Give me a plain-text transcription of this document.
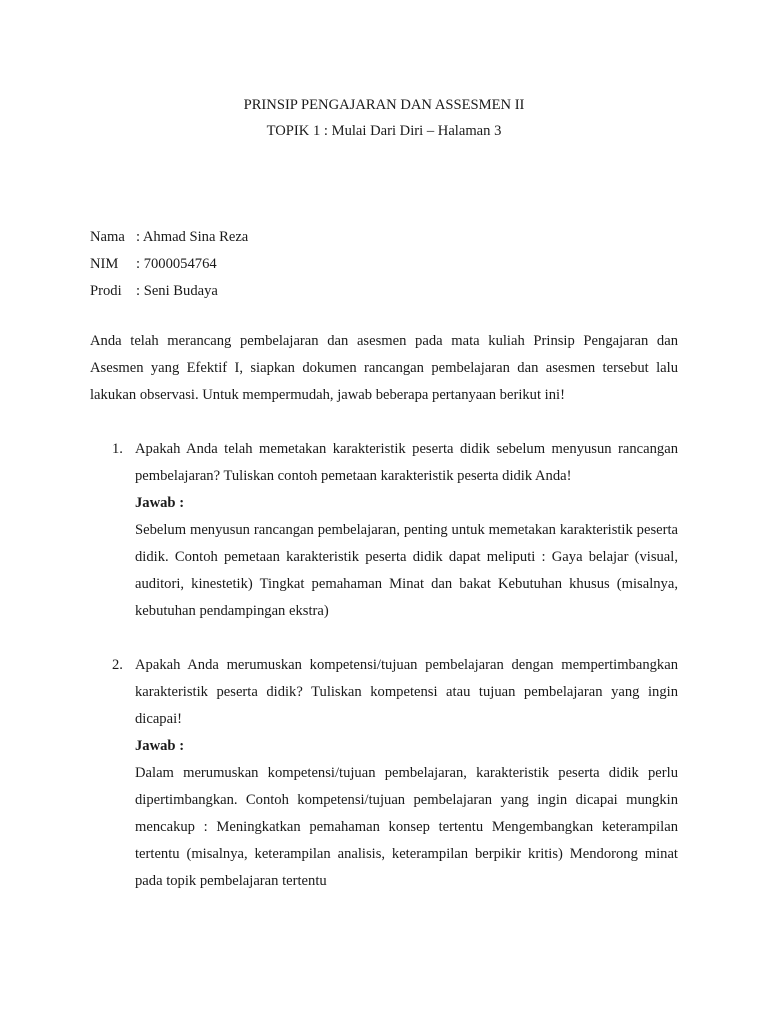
PRINSIP PENGAJARAN DAN ASSESMEN II
TOPIK 1 : Mulai Dari Diri – Halaman 3
Nama : Ahmad Sina Reza
NIM	: 7000054764
Prodi : Seni Budaya

Anda telah merancang pembelajaran dan asesmen pada mata kuliah Prinsip Pengajaran dan Asesmen yang Efektif I, siapkan dokumen rancangan pembelajaran dan asesmen tersebut lalu lakukan observasi. Untuk mempermudah, jawab beberapa pertanyaan berikut ini!

1. Apakah Anda telah memetakan karakteristik peserta didik sebelum menyusun rancangan pembelajaran? Tuliskan contoh pemetaan karakteristik peserta didik Anda!
Jawab :
Sebelum menyusun rancangan pembelajaran, penting untuk memetakan karakteristik peserta didik. Contoh pemetaan karakteristik peserta didik dapat meliputi : Gaya belajar (visual, auditori, kinestetik) Tingkat pemahaman Minat dan bakat Kebutuhan khusus (misalnya, kebutuhan pendampingan ekstra)
2. Apakah Anda merumuskan kompetensi/tujuan pembelajaran dengan mempertimbangkan karakteristik peserta didik? Tuliskan kompetensi atau tujuan pembelajaran yang ingin dicapai!
Jawab :
Dalam merumuskan kompetensi/tujuan pembelajaran, karakteristik peserta didik perlu dipertimbangkan. Contoh kompetensi/tujuan pembelajaran yang ingin dicapai mungkin mencakup : Meningkatkan pemahaman konsep tertentu Mengembangkan keterampilan tertentu (misalnya, keterampilan analisis, keterampilan berpikir kritis) Mendorong minat pada topik pembelajaran tertentu
